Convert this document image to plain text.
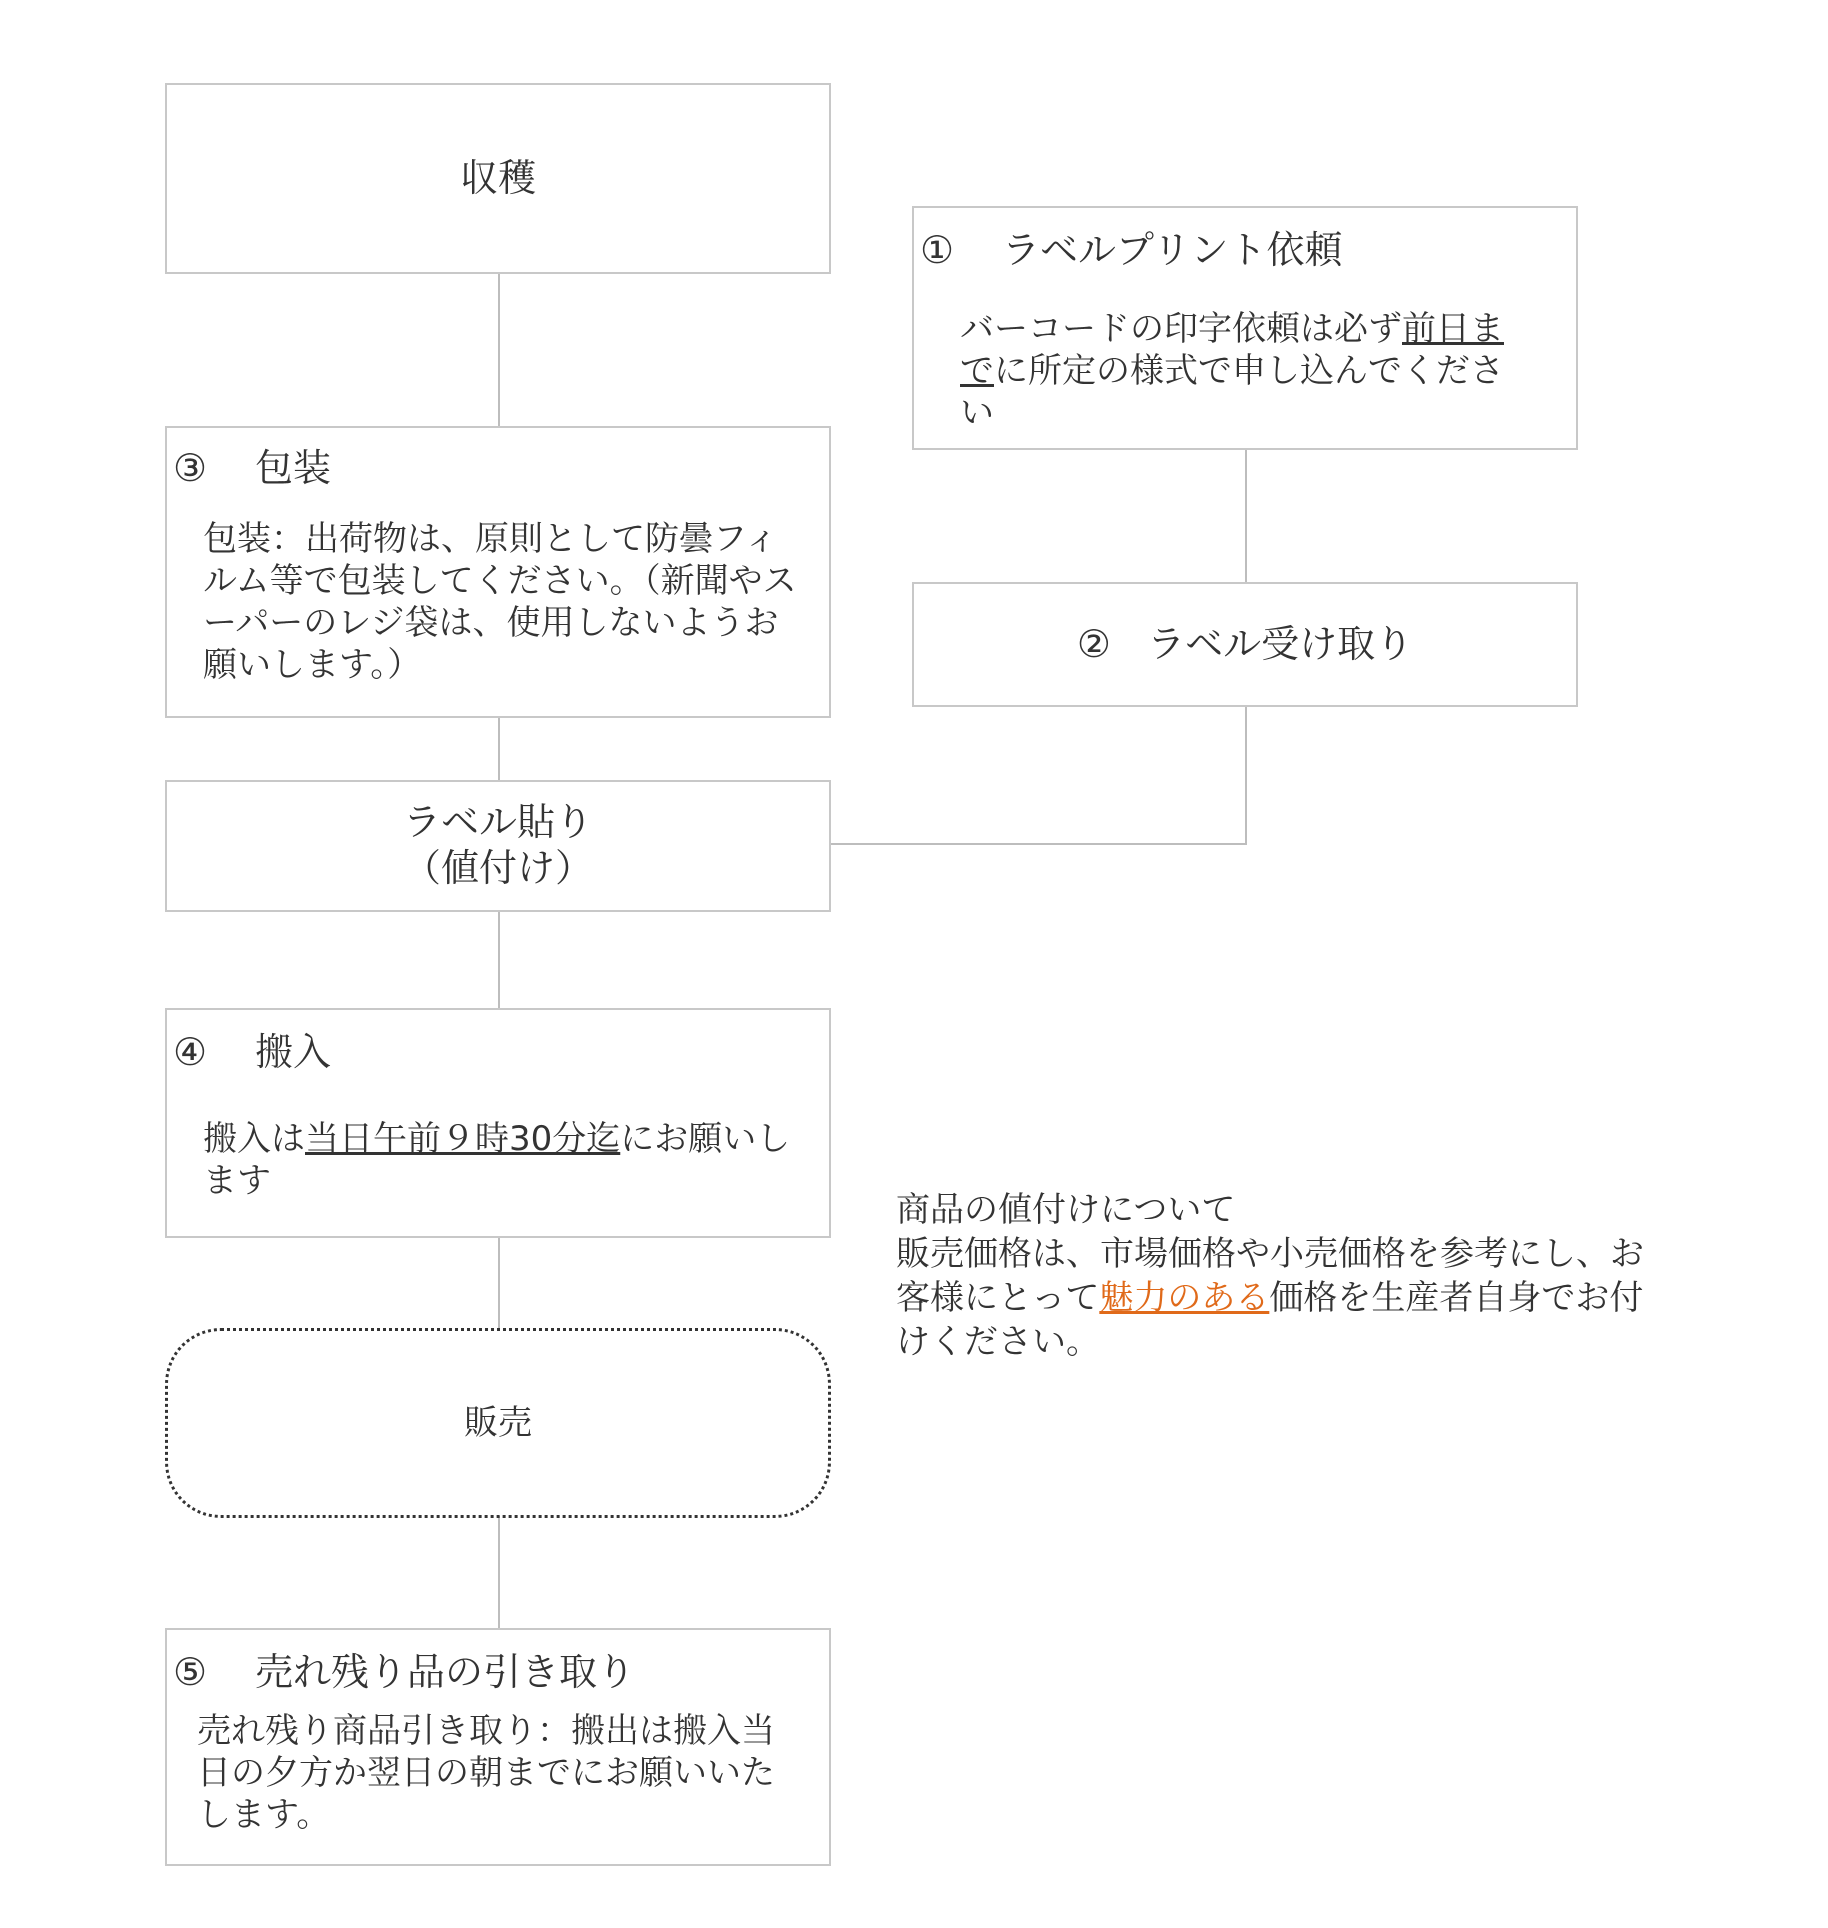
収穫
① ラベルプリント依頼
バーコードの印字依頼は必ず前日までに所定の様式で申し込んでください
② ラベル受け取り
③ 包装
包装：出荷物は、原則として防曇フィルム等で包装してください。（新聞やスーパーのレジ袋は、使用しないようお願いします。）
ラベル貼り
（値付け）
④ 搬入
搬入は当日午前９時30分迄にお願いします
販売
⑤ 売れ残り品の引き取り
売れ残り商品引き取り：搬出は搬入当日の夕方か翌日の朝までにお願いいたします。
商品の値付けについて
販売価格は、市場価格や小売価格を参考にし、お客様にとって魅力のある価格を生産者自身でお付けください。
